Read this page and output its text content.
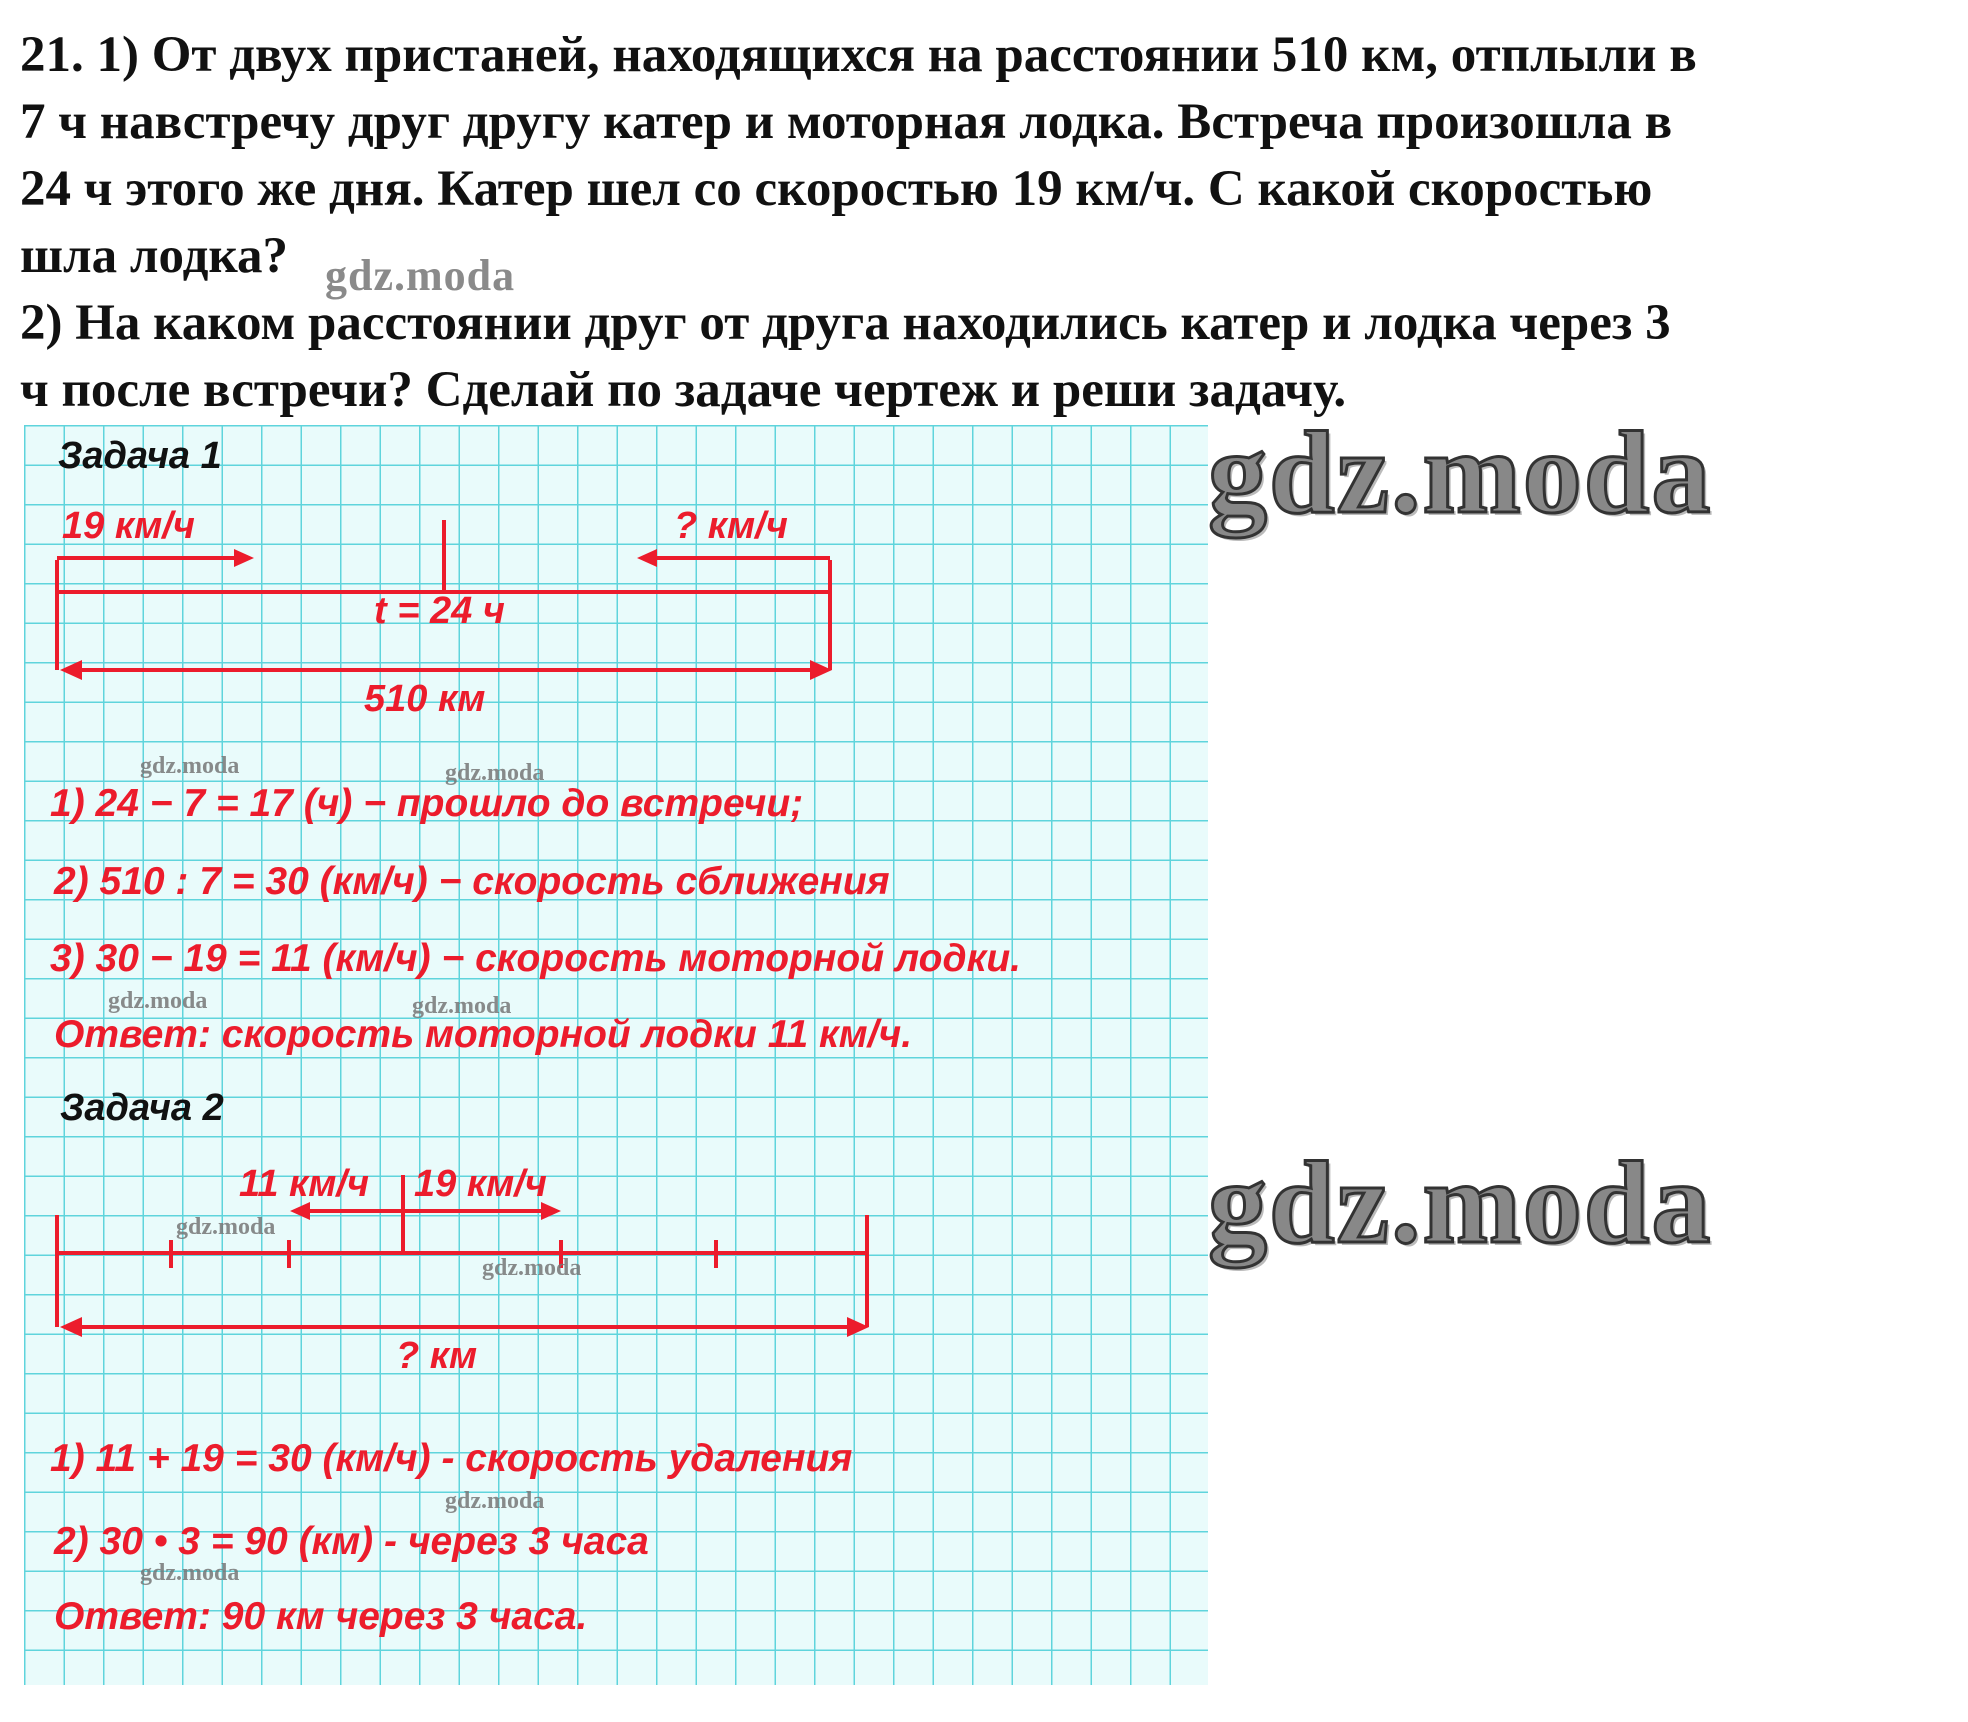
21. 1) От двух пристаней, находящихся на расстоянии 510 км, отплыли в

7 ч навстречу друг другу катер и моторная лодка. Встреча произошла в

24 ч этого же дня. Катер шел со скоростью 19 км/ч. С какой скоростью

шла лодка?

2) На каком расстоянии друг от друга находились катер и лодка через 3

ч после встречи? Сделай по задаче чертеж и реши задачу.

Задача 1
19 км/ч	? км/ч
t = 24 ч
510 км
1) 24 − 7 = 17 (ч) − прошло до встречи;
2) 510 : 7 = 30 (км/ч) − скорость сближения
3) 30 − 19 = 11 (км/ч) − скорость моторной лодки.
Ответ: скорость моторной лодки 11 км/ч.
Задача 2
11 км/ч 19 км/ч
? км
1) 11 + 19 = 30 (км/ч) - скорость удаления
2) 30 • 3 = 90 (км) - через 3 часа
Ответ: 90 км через 3 часа.
gdz.moda
gdz.moda
gdz.moda
gdz.moda	gdz.moda
gdz.moda	gdz.moda
gdz.moda
gdz.moda
gdz.moda
gdz.moda
